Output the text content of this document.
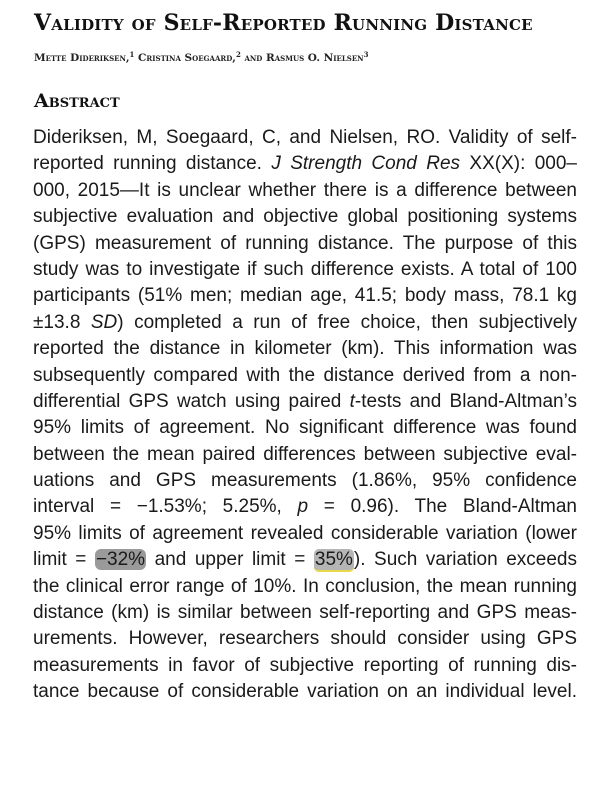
Validity of Self-Reported Running Distance
Mette Dideriksen,$^1$ Cristina Soegaard,$^2$ and Rasmus O. Nielsen$^3$
Abstract
Dideriksen, M, Soegaard, C, and Nielsen, RO. Validity of self-
reported running distance. J Strength Cond Res XX(X): 000–
000, 2015—It is unclear whether there is a difference between
subjective evaluation and objective global positioning systems
(GPS) measurement of running distance. The purpose of this
study was to investigate if such difference exists. A total of 100
participants (51% men; median age, 41.5; body mass, 78.1 kg
±13.8 SD) completed a run of free choice, then subjectively
reported the distance in kilometer (km). This information was
subsequently compared with the distance derived from a non-
differential GPS watch using paired t-tests and Bland-Altman’s
95% limits of agreement. No significant difference was found
between the mean paired differences between subjective eval-
uations and GPS measurements (1.86%, 95% confidence
interval = −1.53%; 5.25%, p = 0.96). The Bland-Altman
95% limits of agreement revealed considerable variation (lower
limit = −32% and upper limit = 35%). Such variation exceeds
the clinical error range of 10%. In conclusion, the mean running
distance (km) is similar between self-reporting and GPS meas-
urements. However, researchers should consider using GPS
measurements in favor of subjective reporting of running dis-
tance because of considerable variation on an individual level.
